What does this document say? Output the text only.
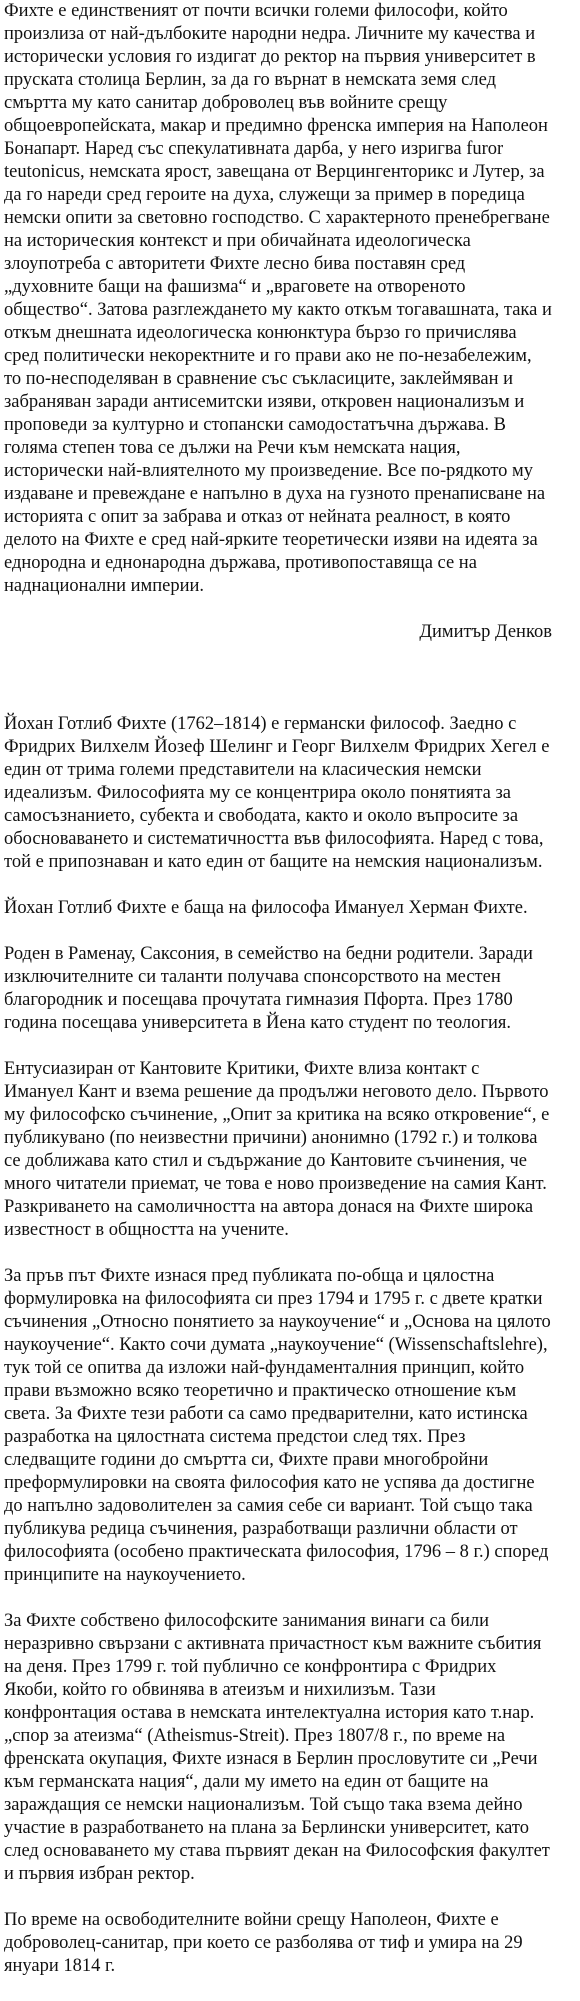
Фихте е единственият от почти всички големи философи, който
произлиза от най-дълбоките народни недра. Личните му качества и
исторически условия го издигат до ректор на първия университет в
пруската столица Берлин, за да го върнат в немската земя след
смъртта му като санитар доброволец във войните срещу
общоевропейската, макар и предимно френска империя на Наполеон
Бонапарт. Наред със спекулативната дарба, у него изригва furor
teutonicus, немската ярост, завещана от Верцингенторикс и Лутер, за
да го нареди сред героите на духа, служещи за пример в поредица
немски опити за световно господство. С характерното пренебрегване
на историческия контекст и при обичайната идеологическа
злоупотреба с авторитети Фихте лесно бива поставян сред
„духовните бащи на фашизма“ и „враговете на отвореното
общество“. Затова разглеждането му както откъм тогавашната, така и
откъм днешната идеологическа конюнктура бързо го причислява
сред политически некоректните и го прави ако не по-незабележим,
то по-несподеляван в сравнение със съкласиците, заклеймяван и
забраняван заради антисемитски изяви, откровен национализъм и
проповеди за културно и стопански самодостатъчна държава. В
голяма степен това се дължи на Речи към немската нация,
исторически най-влиятелното му произведение. Все по-рядкото му
издаване и превеждане е напълно в духа на гузното пренаписване на
историята с опит за забрава и отказ от нейната реалност, в която
делото на Фихте е сред най-ярките теоретически изяви на идеята за
еднородна и еднонародна държава, противопоставяща се на
наднационални империи.

Димитър Денков

Йохан Готлиб Фихте (1762–1814) е германски философ. Заедно с
Фридрих Вилхелм Йозеф Шелинг и Георг Вилхелм Фридрих Хегел е
един от трима големи представители на класическия немски
идеализъм. Философията му се концентрира около понятията за
самосъзнанието, субекта и свободата, както и около въпросите за
обосноваването и систематичността във философията. Наред с това,
той е припознаван и като един от бащите на немския национализъм.

Йохан Готлиб Фихте е баща на философа Имануел Херман Фихте.

Роден в Раменау, Саксония, в семейство на бедни родители. Заради
изключителните си таланти получава спонсорството на местен
благородник и посещава прочутата гимназия Пфорта. През 1780
година посещава университета в Йена като студент по теология.

Ентусиазиран от Кантовите Критики, Фихте влиза контакт с
Имануел Кант и взема решение да продължи неговото дело. Първото
му философско съчинение, „Опит за критика на всяко откровение“, е
публикувано (по неизвестни причини) анонимно (1792 г.) и толкова
се доближава като стил и съдържание до Кантовите съчинения, че
много читатели приемат, че това е ново произведение на самия Кант.
Разкриването на самоличността на автора донася на Фихте широка
известност в общността на учените.

За пръв път Фихте изнася пред публиката по-обща и цялостна
формулировка на философията си през 1794 и 1795 г. с двете кратки
съчинения „Относно понятието за наукоучение“ и „Основа на цялото
наукоучение“. Както сочи думата „наукоучение“ (Wissenschaftslehre),
тук той се опитва да изложи най-фундаменталния принцип, който
прави възможно всяко теоретично и практическо отношение към
света. За Фихте тези работи са само предварителни, като истинска
разработка на цялостната система предстои след тях. През
следващите години до смъртта си, Фихте прави многобройни
преформулировки на своята философия като не успява да достигне
до напълно задоволителен за самия себе си вариант. Той също така
публикува редица съчинения, разработващи различни области от
философията (особено практическата философия, 1796 – 8 г.) според
принципите на наукоучението.

За Фихте собствено философските занимания винаги са били
неразривно свързани с активната причастност към важните събития
на деня. През 1799 г. той публично се конфронтира с Фридрих
Якоби, който го обвинява в атеизъм и нихилизъм. Тази
конфронтация остава в немската интелектуална история като т.нар.
„спор за атеизма“ (Atheismus-Streit). През 1807/8 г., по време на
френската окупация, Фихте изнася в Берлин прословутите си „Речи
към германската нация“, дали му името на един от бащите на
зараждащия се немски национализъм. Той също така взема дейно
участие в разработването на плана за Берлински университет, като
след основаването му става първият декан на Философския факултет
и първия избран ректор.

По време на освободителните войни срещу Наполеон, Фихте е
доброволец-санитар, при което се разболява от тиф и умира на 29
януари 1814 г.
